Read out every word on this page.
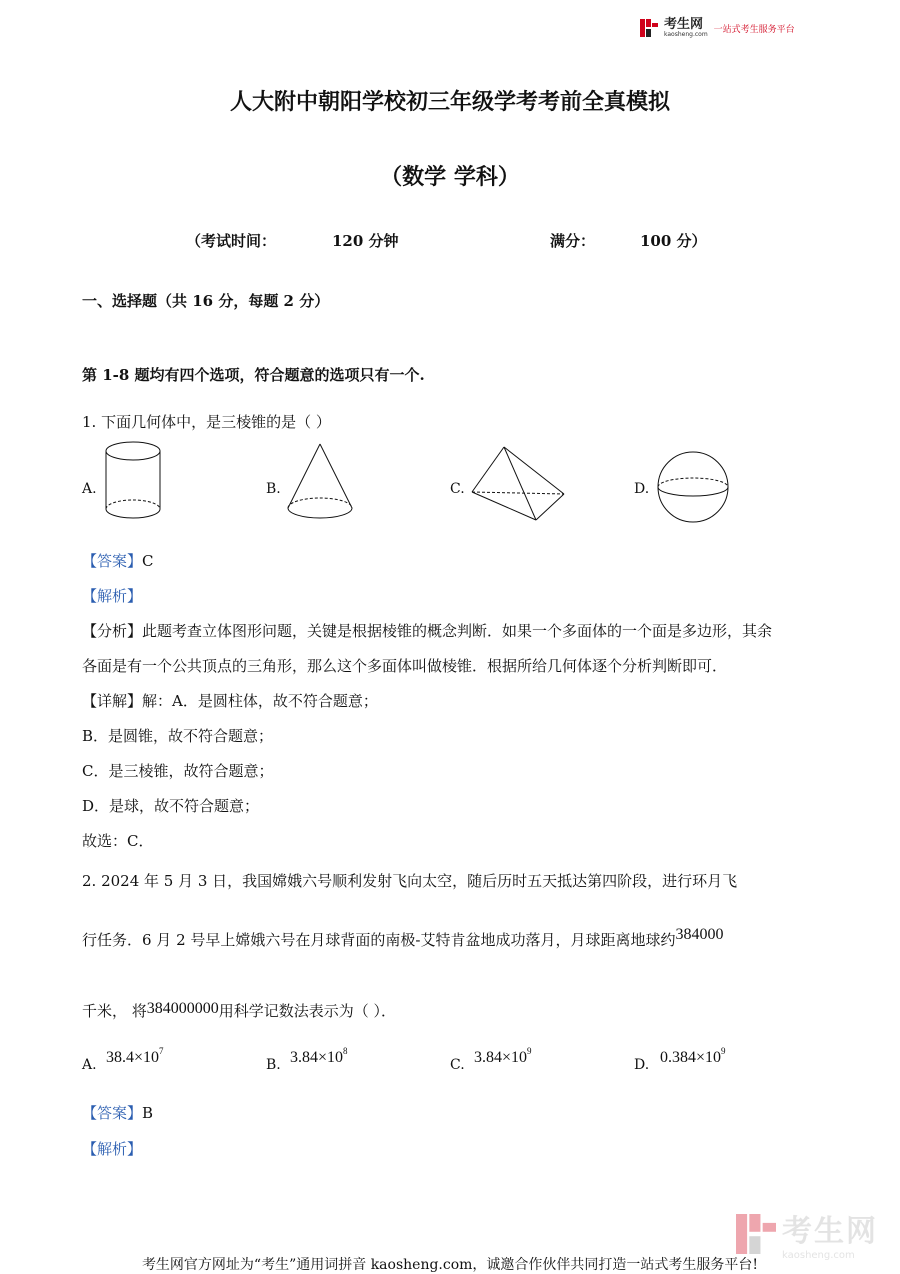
考生网
kaosheng.com 一站式考生服务平台
人大附中朝阳学校初三年级学考考前全真模拟
（数学 学科）
（考试时间：	120 分钟	满分：	100 分）
一、选择题（共 16 分，每题 2 分）
第 1-8 题均有四个选项，符合题意的选项只有一个.
1. 下面几何体中，是三棱锥的是（ ）
A.	B.	C.	D.
【答案】C
【解析】
【分析】此题考查立体图形问题，关键是根据棱锥的概念判断．如果一个多面体的一个面是多边形，其余
各面是有一个公共顶点的三角形，那么这个多面体叫做棱锥．根据所给几何体逐个分析判断即可．
【详解】解：A．是圆柱体，故不符合题意；
B．是圆锥，故不符合题意；
C．是三棱锥，故符合题意；
D．是球，故不符合题意；
故选：C．
2. 2024 年 5 月 3 日，我国嫦娥六号顺利发射飞向太空，随后历时五天抵达第四阶段，进行环月飞
行任务．6 月 2 号早上嫦娥六号在月球背面的南极-艾特肯盆地成功落月，月球距离地球约384000
千米， 将384000000用科学记数法表示为（ ）．
A. $38.4\times 10^7$
B. $3.84\times 10^8$
C. $3.84\times 10^9$
D. $0.384\times 10^9$
【答案】B
【解析】
考生网
kaosheng.com
考生网官方网址为“考生”通用词拼音 kaosheng.com，诚邀合作伙伴共同打造一站式考生服务平台!
